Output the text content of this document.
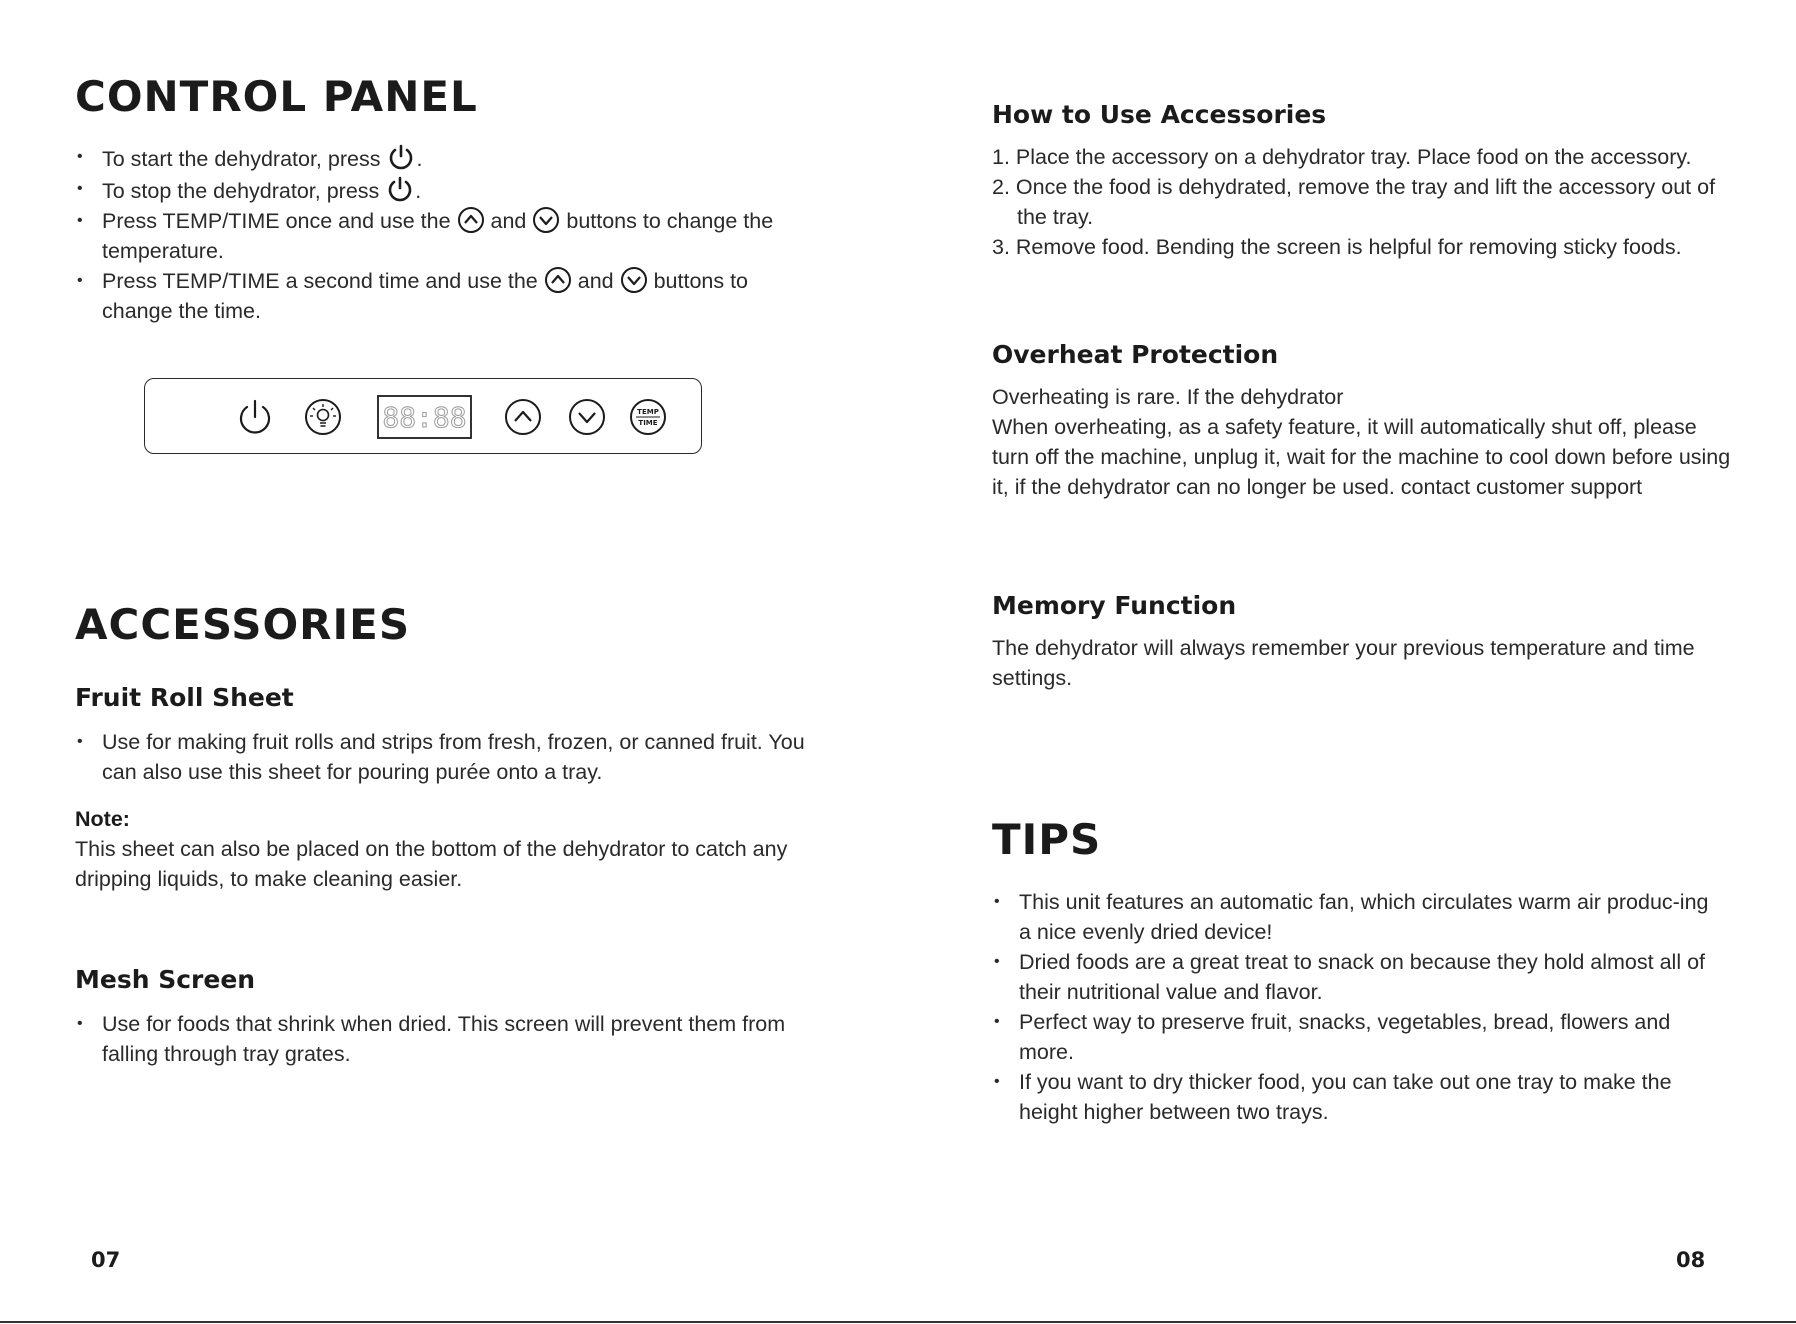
CONTROL PANEL
• To start the dehydrator, press .
• To stop the dehydrator, press .
• Press TEMP/TIME once and use the and buttons to change the temperature.
• Press TEMP/TIME a second time and use the and buttons to change the time.
88:88	TEMP
TIME
ACCESSORIES
Fruit Roll Sheet
• Use for making fruit rolls and strips from fresh, frozen, or canned fruit. You can also use this sheet for pouring purée onto a tray.

Note:

This sheet can also be placed on the bottom of the dehydrator to catch any dripping liquids, to make cleaning easier.

Mesh Screen
• Use for foods that shrink when dried. This screen will prevent them from falling through tray grates.
07
How to Use Accessories
1. Place the accessory on a dehydrator tray. Place food on the accessory.
2. Once the food is dehydrated, remove the tray and lift the accessory out of the tray.
3. Remove food. Bending the screen is helpful for removing sticky foods.
Overheat Protection

Overheating is rare. If the dehydrator

When overheating, as a safety feature, it will automatically shut off, please turn off the machine, unplug it, wait for the machine to cool down before using it, if the dehydrator can no longer be used. contact customer support

Memory Function

The dehydrator will always remember your previous temperature and time settings.

TIPS
• This unit features an automatic fan, which circulates warm air produc-ing a nice evenly dried device!
• Dried foods are a great treat to snack on because they hold almost all of their nutritional value and flavor.
• Perfect way to preserve fruit, snacks, vegetables, bread, flowers and more.
• If you want to dry thicker food, you can take out one tray to make the height higher between two trays.
08
